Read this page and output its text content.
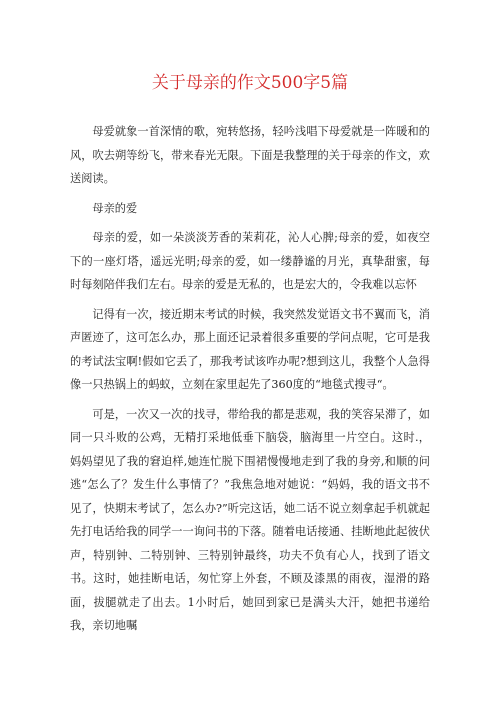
关于母亲的作文500字5篇

母爱就象一首深情的歌，宛转悠扬，轻吟浅唱下母爱就是一阵暖和的风，吹去朔等纷飞，带来春光无限。下面是我整理的关于母亲的作文，欢送阅读。

母亲的爱

母亲的爱，如一朵淡淡芳香的茉莉花，沁人心脾;母亲的爱，如夜空下的一座灯塔，遥远光明;母亲的爱，如一缕静谧的月光，真挚甜蜜，每时每刻陪伴我们左右。母亲的爱是无私的，也是宏大的，令我难以忘怀

记得有一次，接近期末考试的时候，我突然发觉语文书不翼而飞，消声匿迹了，这可怎么办，那上面还记录着很多重要的学问点呢，它可是我的考试法宝啊!假如它丢了，那我考试该咋办呢?想到这儿，我整个人急得像一只热锅上的蚂蚁，立刻在家里起先了360度的“地毯式搜寻“。

可是，一次又一次的找寻，带给我的都是悲观，我的笑容呆滞了，如同一只斗败的公鸡，无精打采地低垂下脑袋，脑海里一片空白。这时.，妈妈望见了我的窘迫样,她连忙脱下围裙慢慢地走到了我的身旁,和顺的问逃“怎么了？发生什么事情了？”我焦急地对她说：“妈妈，我的语文书不见了，快期末考试了，怎么办?”听完这话，她二话不说立刻拿起手机就起先打电话给我的同学一一询问书的下落。随着电话接通、挂断地此起彼伏声，特别钟、二特别钟、三特别钟最终，功夫不负有心人，找到了语文书。这时，她挂断电话，匆忙穿上外套，不顾及漆黑的雨夜，湿滑的路面，拔腿就走了出去。1小时后，她回到家已是满头大汗，她把书递给我，亲切地嘱
